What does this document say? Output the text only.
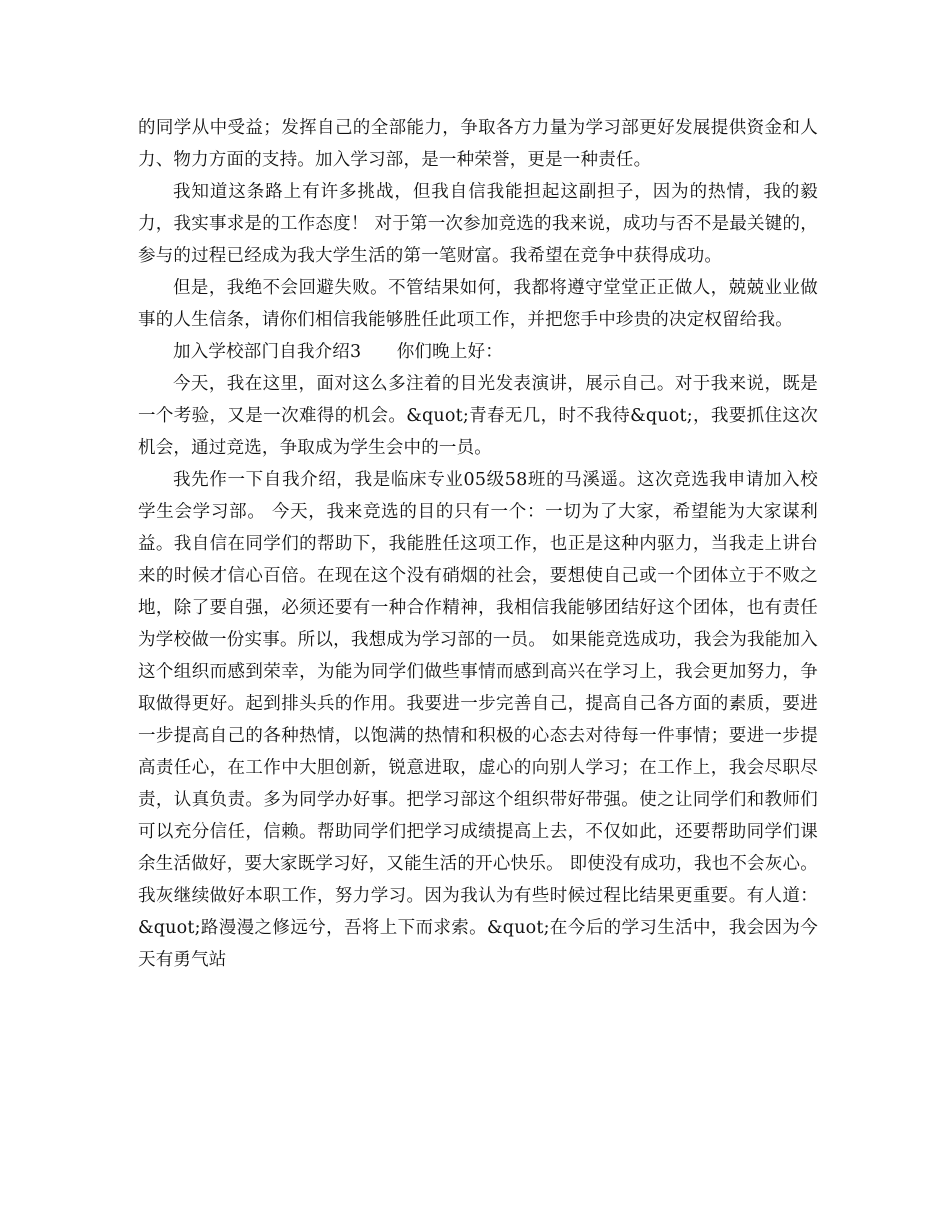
的同学从中受益；发挥自己的全部能力，争取各方力量为学习部更好发展提供资金和人力、物力方面的支持。加入学习部，是一种荣誉，更是一种责任。

我知道这条路上有许多挑战，但我自信我能担起这副担子，因为的热情，我的毅力，我实事求是的工作态度！ 对于第一次参加竞选的我来说，成功与否不是最关键的，参与的过程已经成为我大学生活的第一笔财富。我希望在竞争中获得成功。

但是，我绝不会回避失败。不管结果如何，我都将遵守堂堂正正做人，兢兢业业做事的人生信条，请你们相信我能够胜任此项工作，并把您手中珍贵的决定权留给我。

加入学校部门自我介绍3　　你们晚上好：

今天，我在这里，面对这么多注着的目光发表演讲，展示自己。对于我来说，既是一个考验，又是一次难得的机会。&quot;青春无几，时不我待&quot;，我要抓住这次机会，通过竞选，争取成为学生会中的一员。

我先作一下自我介绍，我是临床专业05级58班的马溪遥。这次竞选我申请加入校学生会学习部。 今天，我来竞选的目的只有一个：一切为了大家，希望能为大家谋利益。我自信在同学们的帮助下，我能胜任这项工作，也正是这种内驱力，当我走上讲台来的时候才信心百倍。在现在这个没有硝烟的社会，要想使自己或一个团体立于不败之地，除了要自强，必须还要有一种合作精神，我相信我能够团结好这个团体，也有责任为学校做一份实事。所以，我想成为学习部的一员。 如果能竞选成功，我会为我能加入这个组织而感到荣幸，为能为同学们做些事情而感到高兴在学习上，我会更加努力，争取做得更好。起到排头兵的作用。我要进一步完善自己，提高自己各方面的素质，要进一步提高自己的各种热情，以饱满的热情和积极的心态去对待每一件事情；要进一步提高责任心，在工作中大胆创新，锐意进取，虚心的向别人学习；在工作上，我会尽职尽责，认真负责。多为同学办好事。把学习部这个组织带好带强。使之让同学们和教师们可以充分信任，信赖。帮助同学们把学习成绩提高上去，不仅如此，还要帮助同学们课余生活做好，要大家既学习好，又能生活的开心快乐。 即使没有成功，我也不会灰心。我灰继续做好本职工作，努力学习。因为我认为有些时候过程比结果更重要。有人道：&quot;路漫漫之修远兮，吾将上下而求索。&quot;在今后的学习生活中，我会因为今天有勇气站
